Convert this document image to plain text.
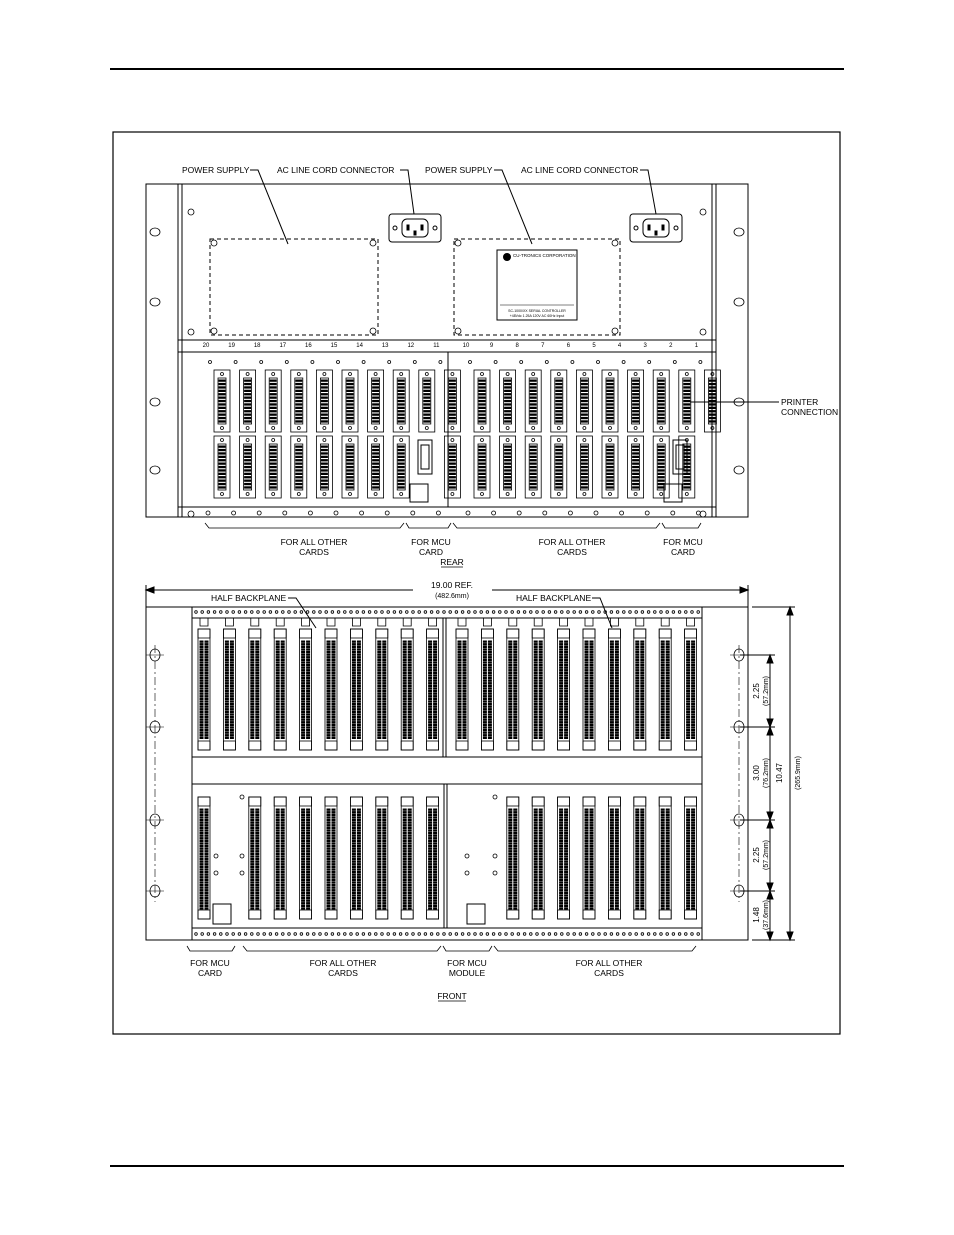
CU-TRONICS CORPORATION
SC-1000/XX SERIAL CONTROLLER
+48Vdc 1.25A 120V AC 60Hz Input
20	19	18	17	16	15	14	13	12	11	10	9	8	7	6	5	4	3	2	1
POWER SUPPLY	AC LINE CORD CONNECTOR	POWER SUPPLY	AC LINE CORD CONNECTOR
PRINTER
CONNECTION
FOR ALL OTHER
CARDS
FOR MCU
CARD
FOR ALL OTHER
CARDS
FOR MCU
CARD
REAR
19.00 REF.
(482.6mm)
HALF BACKPLANE	HALF BACKPLANE
2.25 (57.2mm)
3.00 (76.2mm)
2.25 (57.2mm)
1.48 (37.6mm)
10.47 (265.9mm)
FOR MCU
CARD
FOR ALL OTHER
CARDS
FOR MCU
MODULE
FOR ALL OTHER
CARDS
FRONT
